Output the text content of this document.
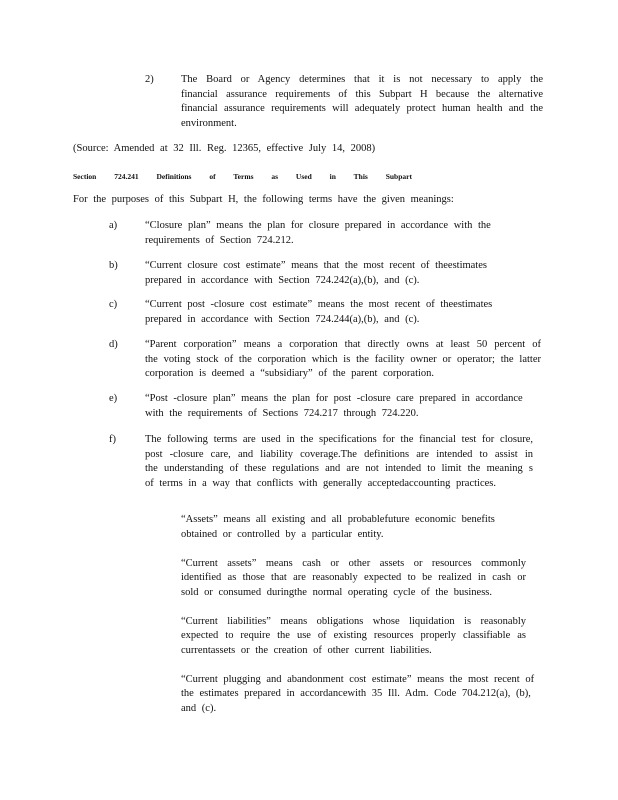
2)	The Board or Agency determines that it is not necessary to apply the financial assurance requirements of this Subpart H because the alternative financial assurance requirements will adequately protect human health and the environment.
(Source: Amended at 32 Ill. Reg. 12365, effective July 14, 2008)
Section 724.241 Definitions of Terms as Used in This Subpart
For the purposes of this Subpart H, the following terms have the given meanings:
a)	“Closure plan” means the plan for closure prepared in accordance with the requirements of Section 724.212.
b)	“Current closure cost estimate” means that the most recent of theestimates prepared in accordance with Section 724.242(a),(b), and (c).
c)	“Current post -closure cost estimate” means the most recent of theestimates prepared in accordance with Section 724.244(a),(b), and (c).
d)	“Parent corporation” means a corporation that directly owns at least 50 percent of the voting stock of the corporation which is the facility owner or operator; the latter corporation is deemed a “subsidiary” of the parent corporation.
e)	“Post -closure plan” means the plan for post -closure care prepared in accordance with the requirements of Sections 724.217 through 724.220.
f)	The following terms are used in the specifications for the financial test for closure, post -closure care, and liability coverage.The definitions are intended to assist in the understanding of these regulations and are not intended to limit the meaning s of terms in a way that conflicts with generally acceptedaccounting practices.
“Assets” means all existing and all probablefuture economic benefits obtained or controlled by a particular entity.
“Current assets” means cash or other assets or resources commonly identified as those that are reasonably expected to be realized in cash or sold or consumed duringthe normal operating cycle of the business.
“Current liabilities” means obligations whose liquidation is reasonably expected to require the use of existing resources properly classifiable as currentassets or the creation of other current liabilities.
“Current plugging and abandonment cost estimate” means the most recent of the estimates prepared in accordancewith 35 Ill. Adm. Code 704.212(a), (b), and (c).
